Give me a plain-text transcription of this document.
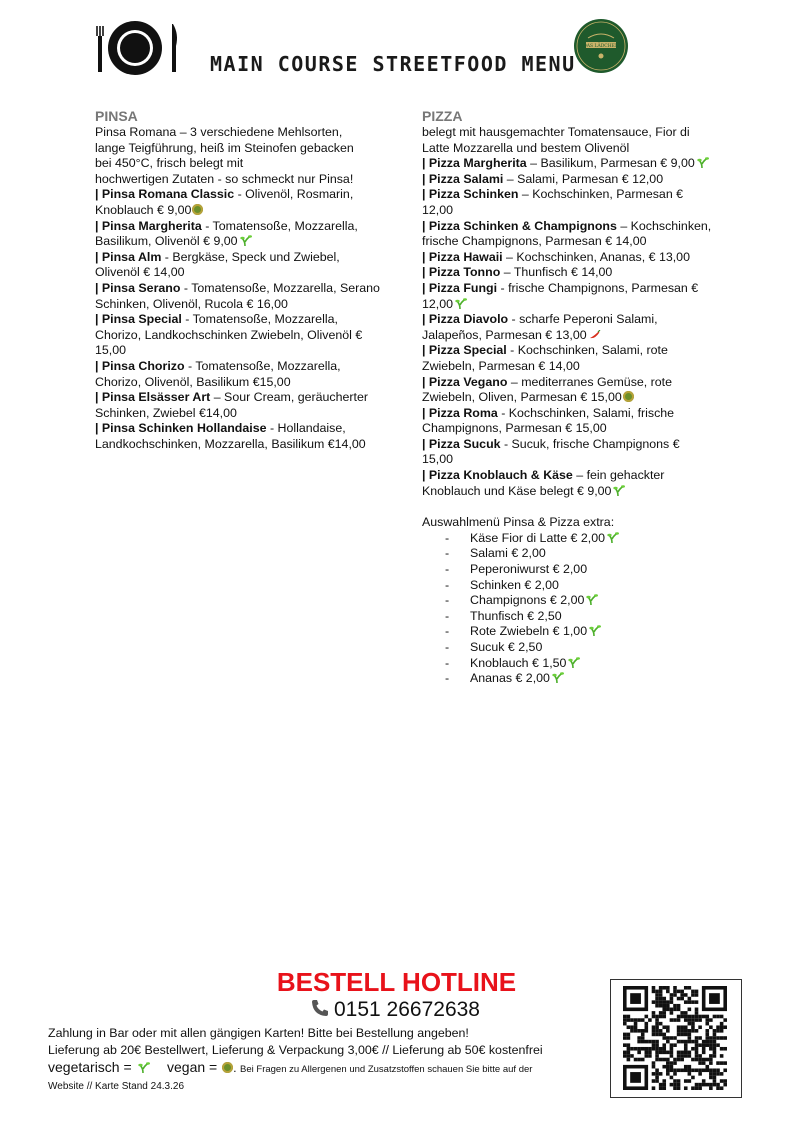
MAIN COURSE STREETFOOD MENU
DAS LÄDCHEN
PINSA
Pinsa Romana – 3 verschiedene Mehlsorten,
lange Teigführung, heiß im Steinofen gebacken
bei 450°C, frisch belegt mit
hochwertigen Zutaten - so schmeckt nur Pinsa!
| Pinsa Romana Classic - Olivenöl, Rosmarin, Knoblauch € 9,00
| Pinsa Margherita - Tomatensoße, Mozzarella, Basilikum, Olivenöl € 9,00
| Pinsa Alm - Bergkäse, Speck und Zwiebel, Olivenöl € 14,00
| Pinsa Serano - Tomatensoße, Mozzarella, Serano Schinken, Olivenöl, Rucola € 16,00
| Pinsa Special - Tomatensoße, Mozzarella, Chorizo, Landkochschinken Zwiebeln, Olivenöl € 15,00
| Pinsa Chorizo - Tomatensoße, Mozzarella, Chorizo, Olivenöl, Basilikum €15,00
| Pinsa Elsässer Art – Sour Cream, geräucherter Schinken, Zwiebel €14,00
| Pinsa Schinken Hollandaise - Hollandaise, Landkochschinken, Mozzarella, Basilikum €14,00
PIZZA
belegt mit hausgemachter Tomatensauce, Fior di Latte Mozzarella und bestem Olivenöl
| Pizza Margherita – Basilikum, Parmesan € 9,00
| Pizza Salami – Salami, Parmesan € 12,00
| Pizza Schinken – Kochschinken, Parmesan € 12,00
| Pizza Schinken & Champignons – Kochschinken, frische Champignons, Parmesan € 14,00
| Pizza Hawaii – Kochschinken, Ananas, € 13,00
| Pizza Tonno – Thunfisch € 14,00
| Pizza Fungi - frische Champignons, Parmesan € 12,00
| Pizza Diavolo - scharfe Peperoni Salami, Jalapeños, Parmesan € 13,00
| Pizza Special - Kochschinken, Salami, rote Zwiebeln, Parmesan € 14,00
| Pizza Vegano – mediterranes Gemüse, rote Zwiebeln, Oliven, Parmesan € 15,00
| Pizza Roma - Kochschinken, Salami, frische Champignons, Parmesan € 15,00
| Pizza Sucuk - Sucuk, frische Champignons € 15,00
| Pizza Knoblauch & Käse – fein gehackter Knoblauch und Käse belegt € 9,00
Auswahlmenü Pinsa & Pizza extra:
- Käse Fior di Latte € 2,00
- Salami € 2,00
- Peperoniwurst € 2,00
- Schinken € 2,00
- Champignons € 2,00
- Thunfisch € 2,50
- Rote Zwiebeln € 1,00
- Sucuk € 2,50
- Knoblauch € 1,50
- Ananas € 2,00
BESTELL HOTLINE
0151 26672638
Zahlung in Bar oder mit allen gängigen Karten! Bitte bei Bestellung angeben!
Lieferung ab 20€ Bestellwert, Lieferung & Verpackung 3,00€ // Lieferung ab 50€ kostenfrei
vegetarisch =  vegan = . Bei Fragen zu Allergenen und Zusatzstoffen schauen Sie bitte auf der
Website // Karte Stand 24.3.26
